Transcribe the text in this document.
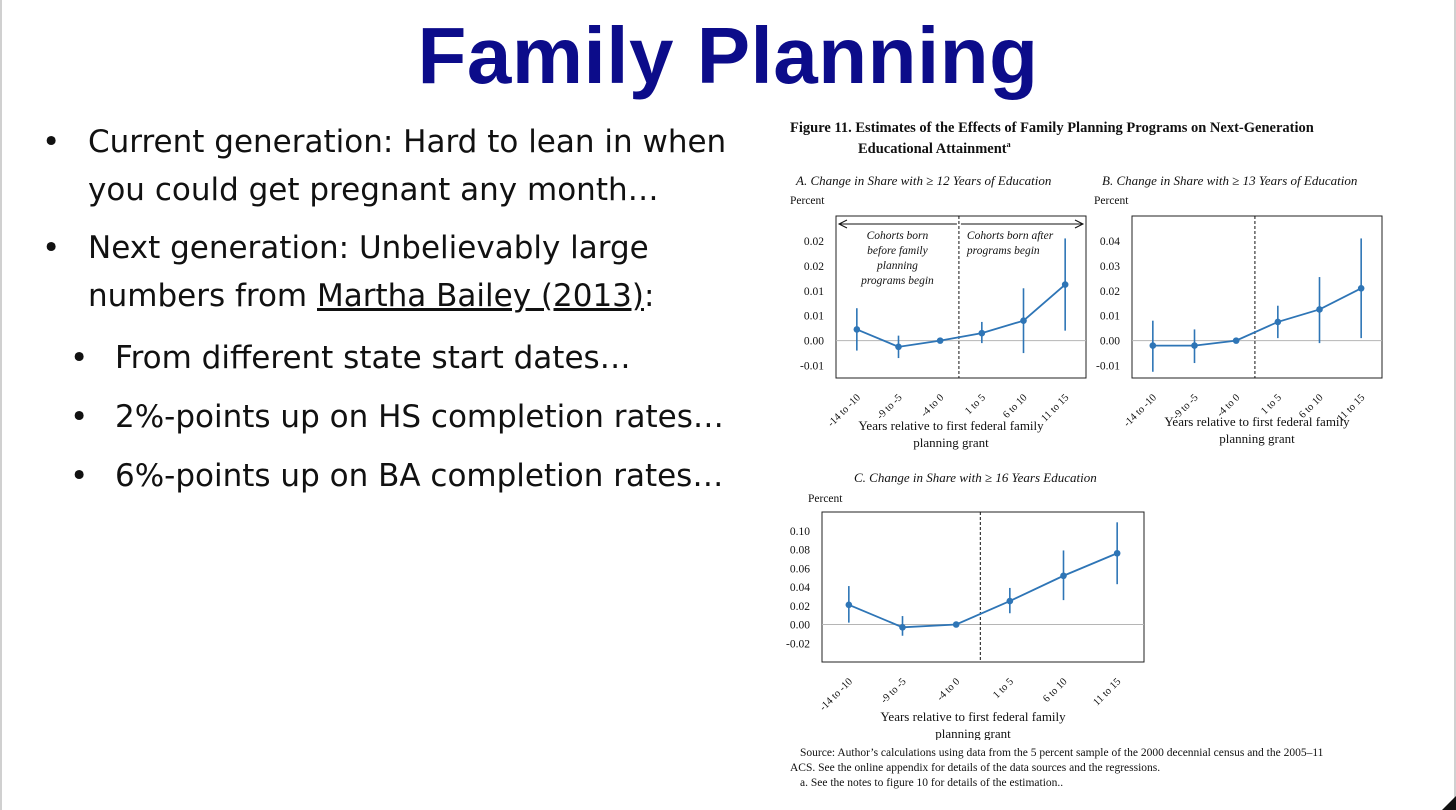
Family Planning
• Current generation: Hard to lean in when you could get pregnant any month…
• Next generation: Unbelievably large numbers from Martha Bailey (2013):
• From different state start dates…
• 2%-points up on HS completion rates…
• 6%-points up on BA completion rates…
Figure 11. Estimates of the Effects of Family Planning Programs on Next-Generation
Educational Attainment$^a$
A. Change in Share with ≥ 12 Years of Education
Percent
0.02
0.02
0.01
0.01
0.00
-0.01
-14 to -10 -9 to -5 -4 to 0 1 to 5 6 to 10 11 to 15
Years relative to first federal family
planning grant
Cohorts born
before family
planning
programs begin
Cohorts born after
programs begin
B. Change in Share with ≥ 13 Years of Education
Percent
0.04
0.03
0.02
0.01
0.00
-0.01
-14 to -10 -9 to -5 -4 to 0 1 to 5 6 to 10 11 to 15
Years relative to first federal family
planning grant
C. Change in Share with ≥ 16 Years Education
Percent
0.10
0.08
0.06
0.04
0.02
0.00
-0.02
-14 to -10 -9 to -5	-4 to 0	1 to 5 6 to 10 11 to 15
Years relative to first federal family
planning grant
Source: Author’s calculations using data from the 5 percent sample of the 2000 decennial census and the 2005–11
ACS. See the online appendix for details of the data sources and the regressions.
a. See the notes to figure 10 for details of the estimation..
